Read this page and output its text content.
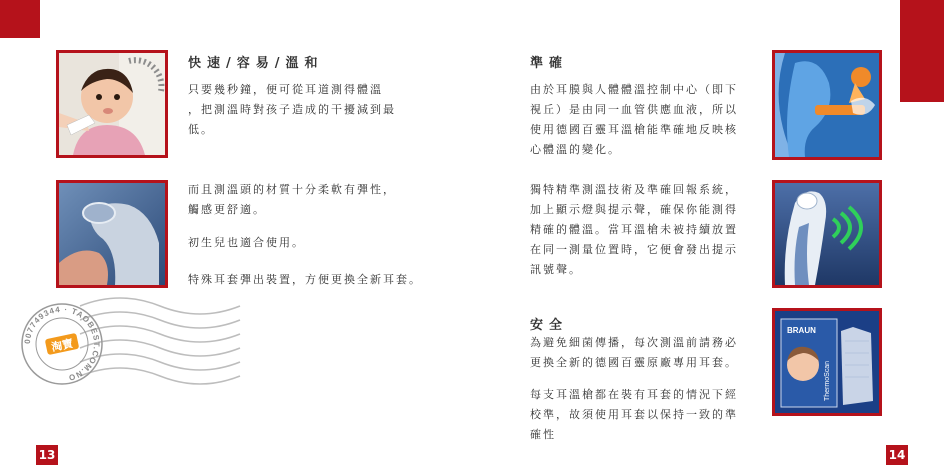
BRAUN
ThermoScan
007749344 · TAOBEST.COM.NO
淘寶
快速/容易/溫和

只要幾秒鐘，便可從耳道測得體溫
，把測溫時對孩子造成的干擾減到最
低。

而且測溫頭的材質十分柔軟有彈性，
觸感更舒適。

初生兒也適合使用。

特殊耳套彈出裝置，方便更換全新耳套。

準確

由於耳膜與人體體溫控制中心（即下
視丘）是由同一血管供應血液，所以
使用德國百靈耳溫槍能準確地反映核
心體溫的變化。

獨特精準測溫技術及準確回報系統，
加上顯示燈與提示聲，確保你能測得
精確的體溫。當耳溫槍未被持續放置
在同一測量位置時，它便會發出提示
訊號聲。

安全

為避免細菌傳播，每次測溫前請務必
更換全新的德國百靈原廠專用耳套。

每支耳溫槍都在裝有耳套的情況下經
校準，故須使用耳套以保持一致的準
確性

13	14
